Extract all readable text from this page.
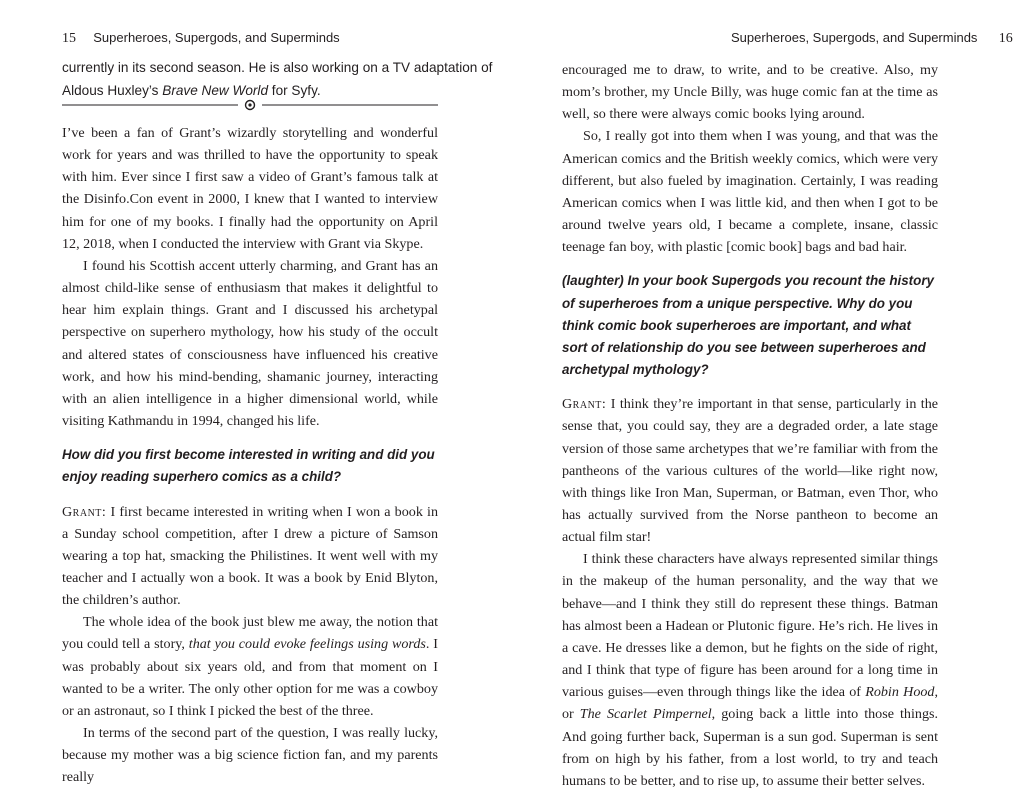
15 Superheroes, Supergods, and Superminds
currently in its second season. He is also working on a TV adaptation of
Aldous Huxley’s Brave New World for Syfy.

I’ve been a fan of Grant’s wizardly storytelling and wonderful work for years and was thrilled to have the opportunity to speak with him. Ever since I first saw a video of Grant’s famous talk at the Disinfo.Con event in 2000, I knew that I wanted to interview him for one of my books. I finally had the opportunity on April 12, 2018, when I conducted the interview with Grant via Skype.

I found his Scottish accent utterly charming, and Grant has an almost child-like sense of enthusiasm that makes it delightful to hear him explain things. Grant and I discussed his archetypal perspective on superhero mythology, how his study of the occult and altered states of consciousness have influenced his creative work, and how his mind-bending, shamanic journey, interacting with an alien intelligence in a higher dimensional world, while visiting Kathmandu in 1994, changed his life.

How did you first become interested in writing and did you enjoy reading superhero comics as a child?

Grant: I first became interested in writing when I won a book in a Sunday school competition, after I drew a picture of Samson wearing a top hat, smacking the Philistines. It went well with my teacher and I actually won a book. It was a book by Enid Blyton, the children’s author.

The whole idea of the book just blew me away, the notion that you could tell a story, that you could evoke feelings using words. I was probably about six years old, and from that moment on I wanted to be a writer. The only other option for me was a cowboy or an astronaut, so I think I picked the best of the three.

In terms of the second part of the question, I was really lucky, because my mother was a big science fiction fan, and my parents really

Superheroes, Supergods, and Superminds 16

encouraged me to draw, to write, and to be creative. Also, my mom’s brother, my Uncle Billy, was huge comic fan at the time as well, so there were always comic books lying around.

So, I really got into them when I was young, and that was the American comics and the British weekly comics, which were very different, but also fueled by imagination. Certainly, I was reading American comics when I was little kid, and then when I got to be around twelve years old, I became a complete, insane, classic teenage fan boy, with plastic [comic book] bags and bad hair.

(laughter) In your book Supergods you recount the history of superheroes from a unique perspective. Why do you think comic book superheroes are important, and what sort of relationship do you see between superheroes and archetypal mythology?

Grant: I think they’re important in that sense, particularly in the sense that, you could say, they are a degraded order, a late stage version of those same archetypes that we’re familiar with from the pantheons of the various cultures of the world—like right now, with things like Iron Man, Superman, or Batman, even Thor, who has actually survived from the Norse pantheon to become an actual film star!

I think these characters have always represented similar things in the makeup of the human personality, and the way that we behave—and I think they still do represent these things. Batman has almost been a Hadean or Plutonic figure. He’s rich. He lives in a cave. He dresses like a demon, but he fights on the side of right, and I think that type of figure has been around for a long time in various guises—even through things like the idea of Robin Hood, or The Scarlet Pimpernel, going back a little into those things. And going further back, Superman is a sun god. Superman is sent from on high by his father, from a lost world, to try and teach humans to be better, and to rise up, to assume their better selves.
